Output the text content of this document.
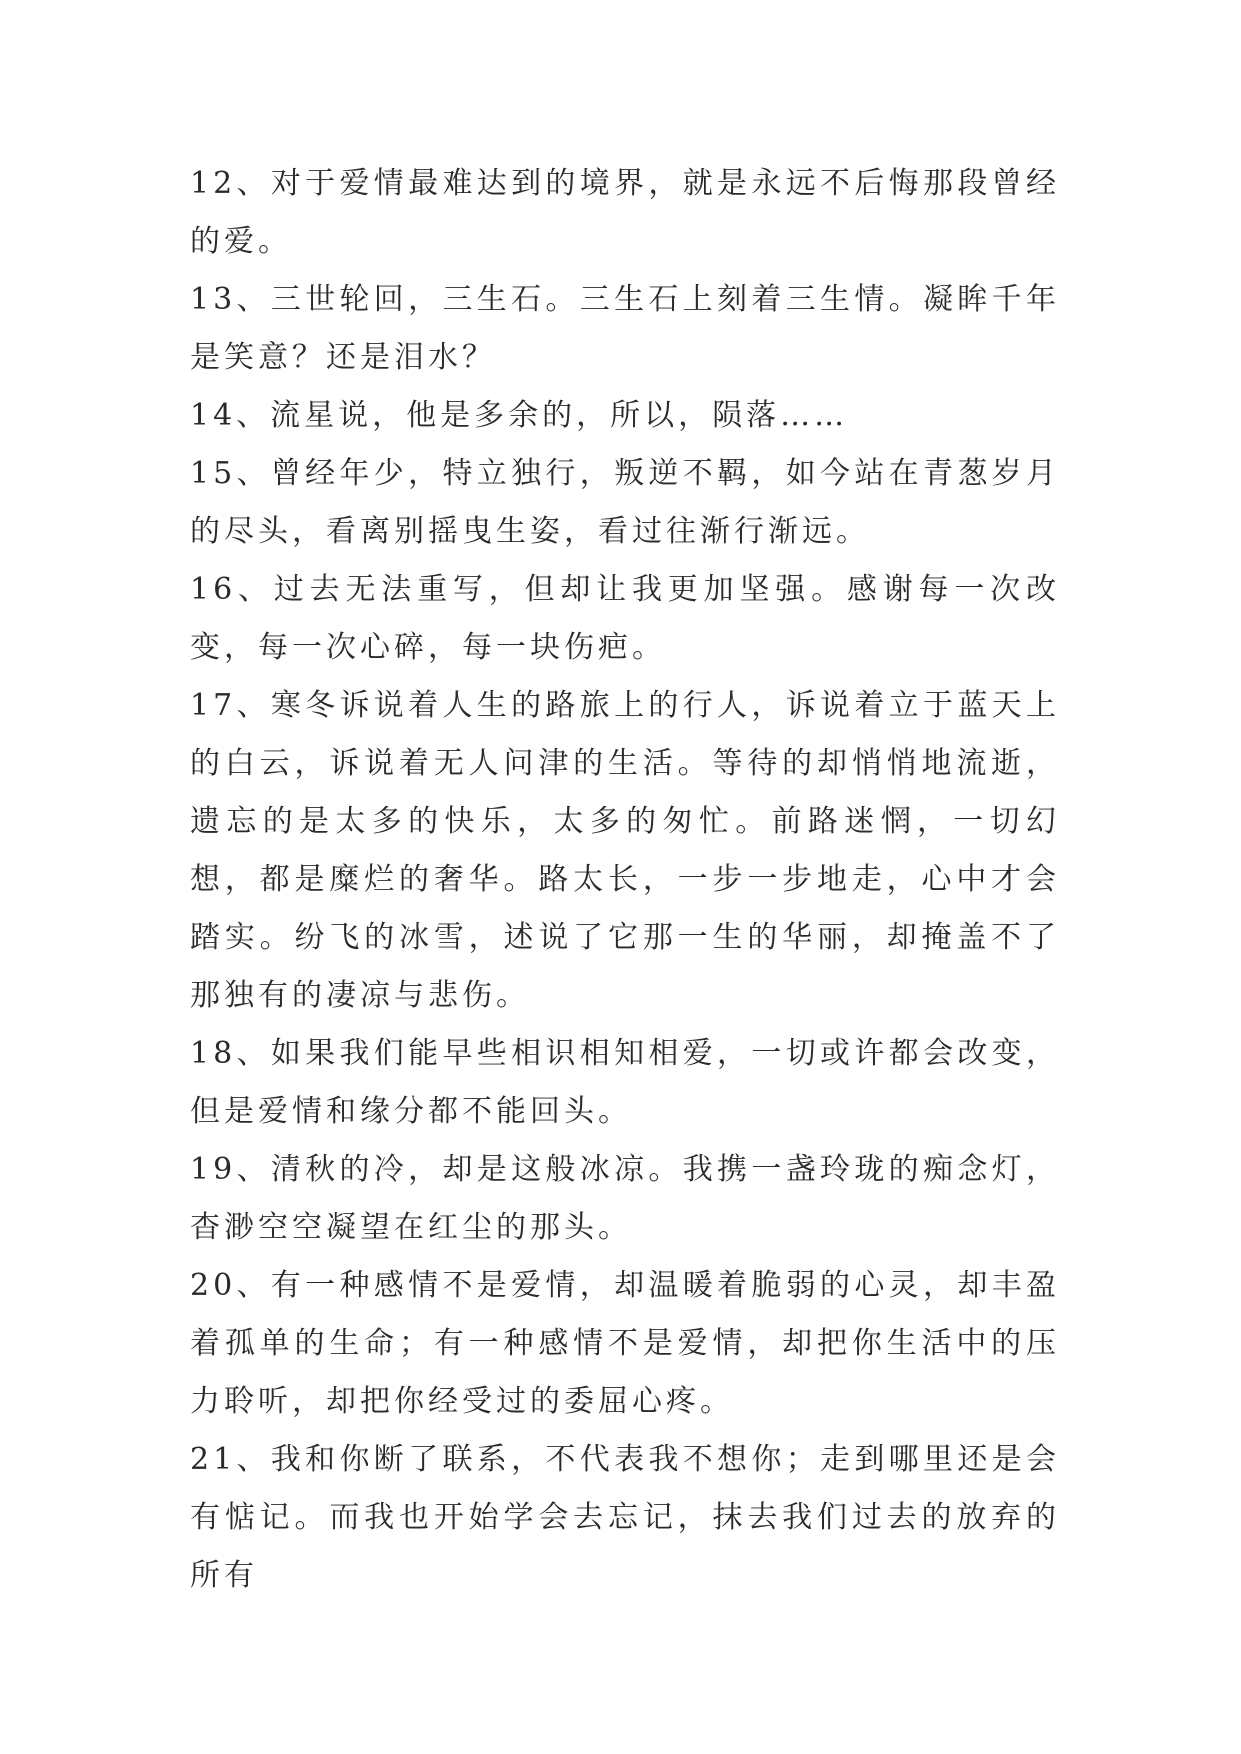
12、对于爱情最难达到的境界，就是永远不后悔那段曾经的爱。

13、三世轮回，三生石。三生石上刻着三生情。凝眸千年是笑意？还是泪水？

14、流星说，他是多余的，所以，陨落……

15、曾经年少，特立独行，叛逆不羁，如今站在青葱岁月的尽头，看离别摇曳生姿，看过往渐行渐远。

16、过去无法重写，但却让我更加坚强。感谢每一次改变，每一次心碎，每一块伤疤。

17、寒冬诉说着人生的路旅上的行人，诉说着立于蓝天上的白云，诉说着无人问津的生活。等待的却悄悄地流逝，遗忘的是太多的快乐，太多的匆忙。前路迷惘，一切幻想，都是糜烂的奢华。路太长，一步一步地走，心中才会踏实。纷飞的冰雪，述说了它那一生的华丽，却掩盖不了那独有的凄凉与悲伤。

18、如果我们能早些相识相知相爱，一切或许都会改变，但是爱情和缘分都不能回头。

19、清秋的冷，却是这般冰凉。我携一盏玲珑的痴念灯，杳渺空空凝望在红尘的那头。

20、有一种感情不是爱情，却温暖着脆弱的心灵，却丰盈着孤单的生命；有一种感情不是爱情，却把你生活中的压力聆听，却把你经受过的委屈心疼。

21、我和你断了联系，不代表我不想你；走到哪里还是会有惦记。而我也开始学会去忘记，抹去我们过去的放弃的所有
